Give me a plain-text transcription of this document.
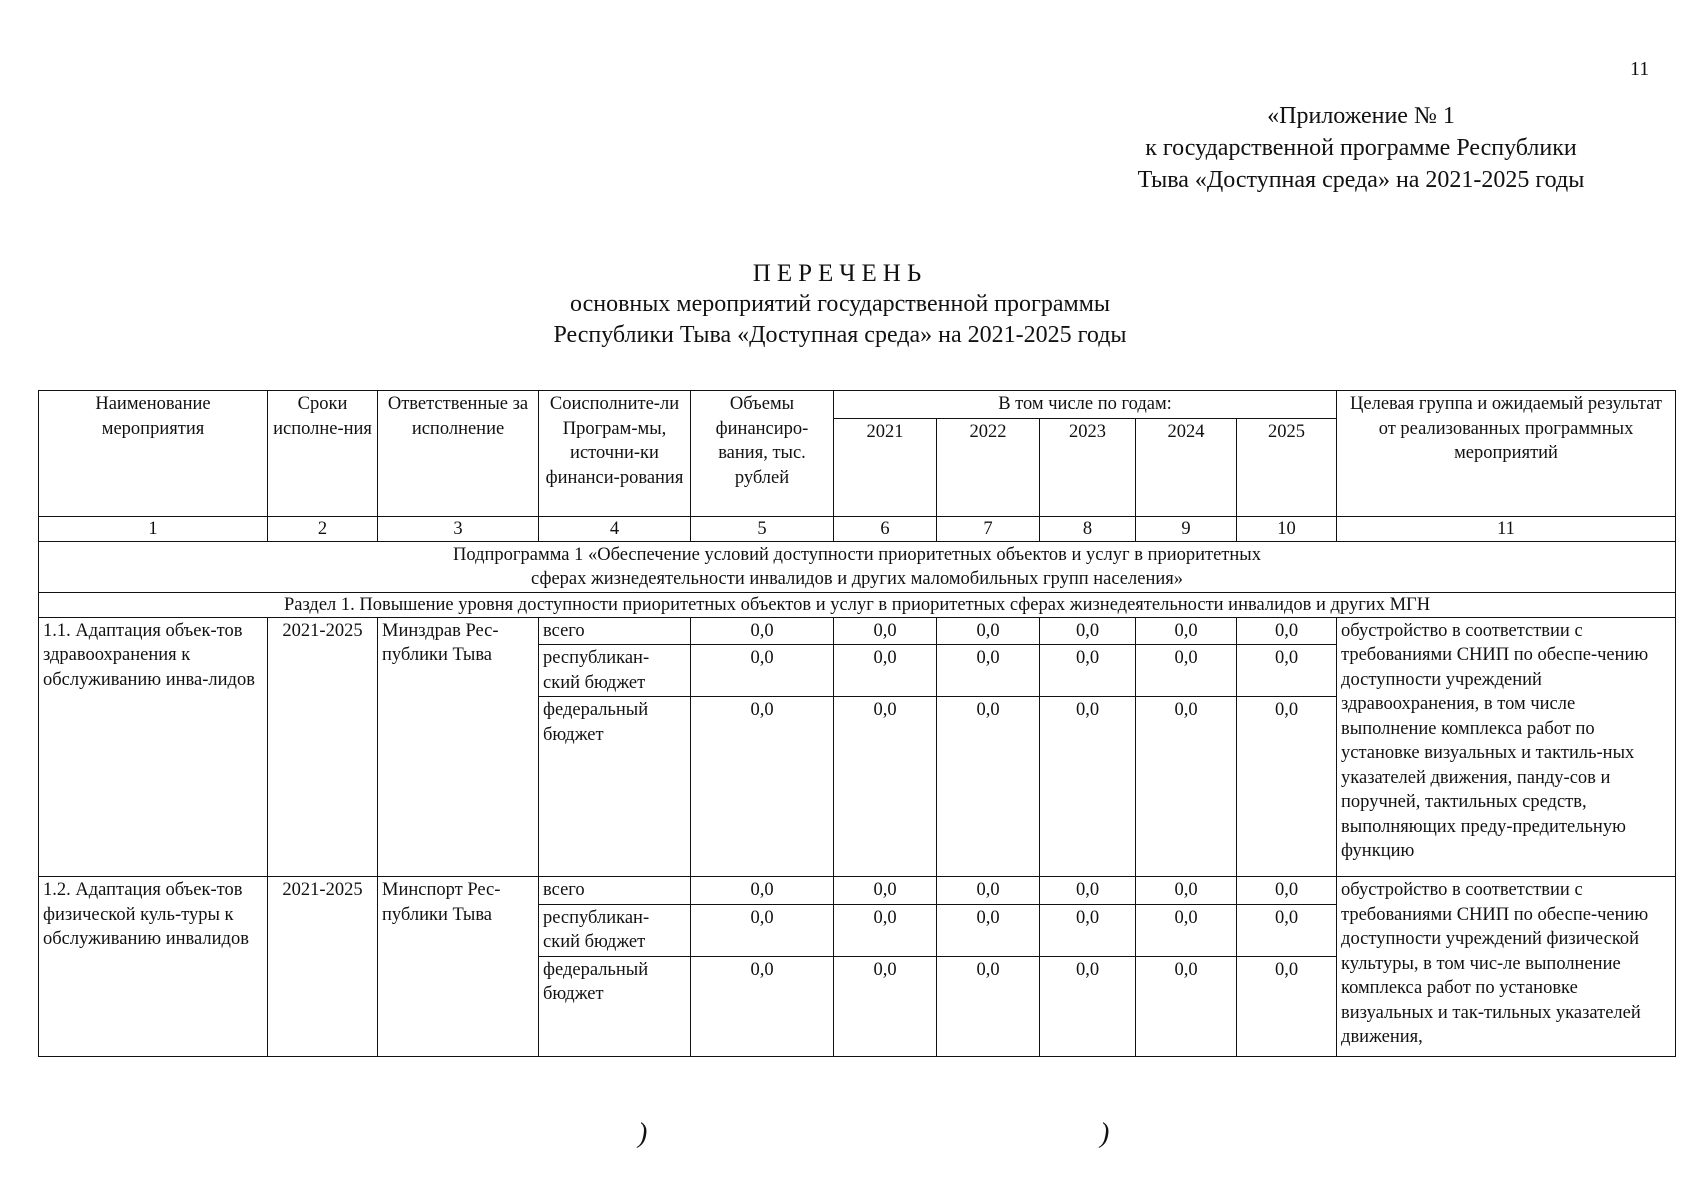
11
«Приложение № 1
к государственной программе Республики
Тыва «Доступная среда» на 2021-2025 годы
ПЕРЕЧЕНЬ
основных мероприятий государственной программы
Республики Тыва «Доступная среда» на 2021-2025 годы
Наименование мероприятия	Сроки исполне-ния	Ответственные за исполнение	Соисполните-ли Програм-мы, источни-ки финанси-рования	Объемы финансиро-вания, тыс. рублей	В том числе по годам:					Целевая группа и ожидаемый результат от реализованных программных мероприятий
					2021	2022	2023	2024	2025	
1	2	3	4	5	6	7	8	9	10	11

Подпрограмма 1 «Обеспечение условий доступности приоритетных объектов и услуг в приоритетных
сферах жизнедеятельности инвалидов и других маломобильных групп населения»										

Раздел 1. Повышение уровня доступности приоритетных объектов и услуг в приоритетных сферах жизнедеятельности инвалидов и других МГН										
1.1. Адаптация объек-тов здравоохранения к обслуживанию инва-лидов	2021-2025	Минздрав Рес-публики Тыва	всего	0,0	0,0	0,0	0,0	0,0	0,0	обустройство в соответствии с требованиями СНИП по обеспе-чению доступности учреждений здравоохранения, в том числе выполнение комплекса работ по установке визуальных и тактиль-ных указателей движения, панду-сов и поручней, тактильных средств, выполняющих преду-предительную функцию
			республикан-ский бюджет	0,0	0,0	0,0	0,0	0,0	0,0	
			федеральный бюджет	0,0	0,0	0,0	0,0	0,0	0,0	
1.2. Адаптация объек-тов физической куль-туры к обслуживанию инвалидов	2021-2025	Минспорт Рес-публики Тыва	всего	0,0	0,0	0,0	0,0	0,0	0,0	обустройство в соответствии с требованиями СНИП по обеспе-чению доступности учреждений физической культуры, в том чис-ле выполнение комплекса работ по установке визуальных и так-тильных указателей движения,
			республикан-ский бюджет	0,0	0,0	0,0	0,0	0,0	0,0	
			федеральный бюджет	0,0	0,0	0,0	0,0	0,0	0,0	
)	)
